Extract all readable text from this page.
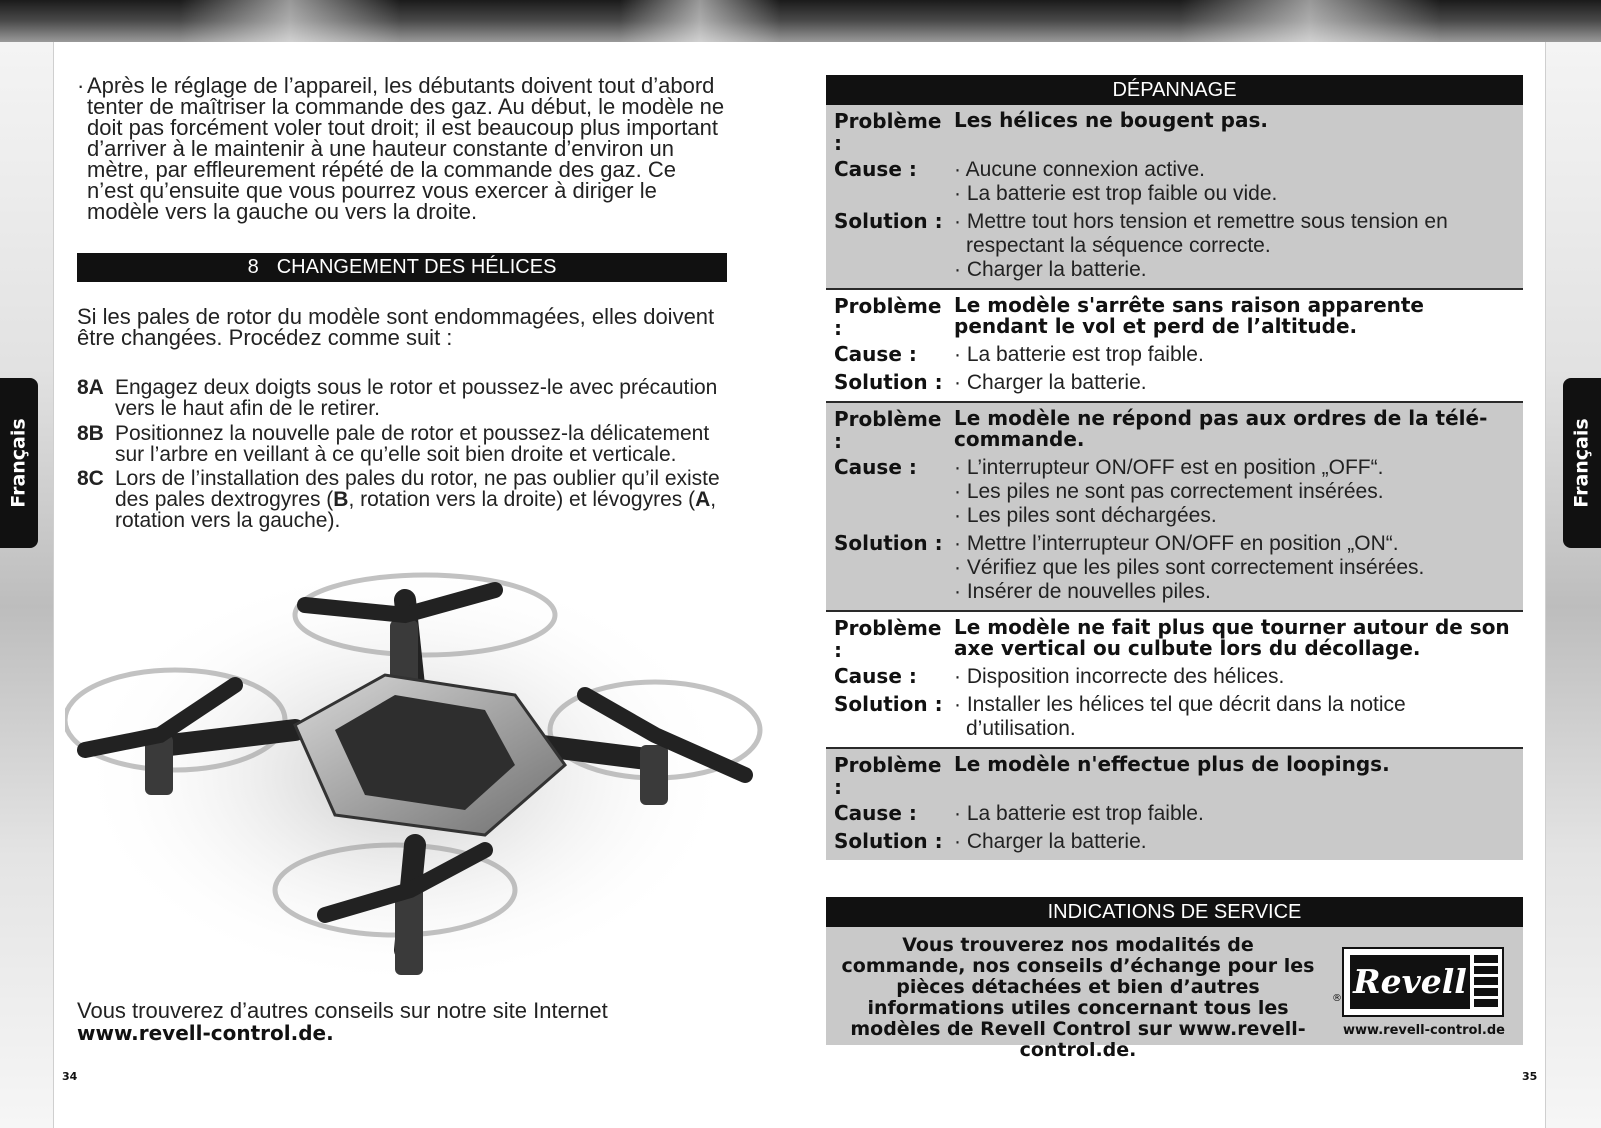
Français	Français
· Après le réglage de l’appareil, les débutants doivent tout d’abord tenter de maîtriser la commande des gaz. Au début, le modèle ne doit pas forcément voler tout droit; il est beaucoup plus important d’arriver à le maintenir à une hauteur constante d’environ un mètre, par effleurement répété de la commande des gaz. Ce n’est qu’ensuite que vous pourrez vous exercer à diriger le modèle vers la gauche ou vers la droite.
8 CHANGEMENT DES HÉLICES

Si les pales de rotor du modèle sont endommagées, elles doivent être changées. Procédez comme suit :

8A Engagez deux doigts sous le rotor et poussez-le avec précaution vers le haut afin de le retirer.
8B Positionnez la nouvelle pale de rotor et poussez-la délicatement sur l’arbre en veillant à ce qu’elle soit bien droite et verticale.
8C Lors de l’installation des pales du rotor, ne pas oublier qu’il existe des pales dextrogyres (B, rotation vers la droite) et lévogyres (A, rotation vers la gauche).
Vous trouverez d’autres conseils sur notre site Internet
www.revell-control.de.
34
DÉPANNAGE
Problème :
Les hélices ne bougent pas.
Cause :	· Aucune connexion active.
· La batterie est trop faible ou vide.
Solution : · Mettre tout hors tension et remettre sous tension en respectant la séquence correcte.
· Charger la batterie.
Problème :
Le modèle s'arrête sans raison apparente pendant le vol et perd de l’altitude.
Cause :	· La batterie est trop faible.
Solution : · Charger la batterie.
Problème :
Le modèle ne répond pas aux ordres de la télé-commande.
Cause :	· L’interrupteur ON/OFF est en position „OFF“.
· Les piles ne sont pas correctement insérées.
· Les piles sont déchargées.
Solution : · Mettre l’interrupteur ON/OFF en position „ON“.
· Vérifiez que les piles sont correctement insérées.
· Insérer de nouvelles piles.
Problème :
Le modèle ne fait plus que tourner autour de son axe vertical ou culbute lors du décollage.
Cause :	· Disposition incorrecte des hélices.
Solution : · Installer les hélices tel que décrit dans la notice d’utilisation.
Problème :
Le modèle n'effectue plus de loopings.
Cause :	· La batterie est trop faible.
Solution : · Charger la batterie.
INDICATIONS DE SERVICE
Vous trouverez nos modalités de commande, nos conseils d’échange pour les pièces détachées et bien d’autres informations utiles concernant tous les modèles de Revell Control sur www.revell-control.de.
® Revell
www.revell-control.de
35
